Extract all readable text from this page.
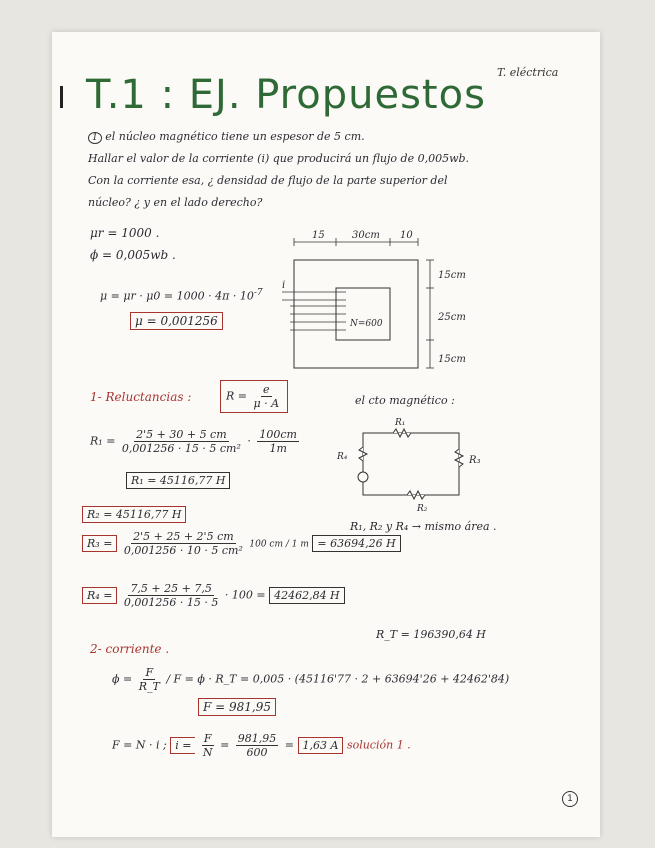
T.1 : EJ. Propuestos T. eléctrica
1 el núcleo magnético tiene un espesor de 5 cm.
Hallar el valor de la corriente (i) que producirá un flujo de 0,005wb.
Con la corriente esa, ¿ densidad de flujo de la parte superior del
núcleo? ¿ y en el lado derecho?
μr = 1000 .
ϕ = 0,005wb .
$\mu = \mu r \cdot \mu 0 = 1000 \cdot 4\pi \cdot 10^{-7}$
μ = 0,001256
15	30cm 10
15cm
25cm
15cm
i
N=600
1- Reluctancias :	$R = \frac{e}{\mu \cdot A}$	el cto magnético :
R₁
R₃
R₄
R₂
$R_1 = \frac{2'5 + 30 + 5 cm}{\text{0,001256 · 15 · 5 cm²}} \cdot \frac{100cm}{1m}$
R₁ = 45116,77 H
R₂ = 45116,77 H
R₁, R₂ y R₄ → mismo área .
$R_3 = \frac{2'5 + 25 + 2'5 cm}{\text{0,001256 · 10 · 5 cm²}} 100$ cm / 1 m = 63694,26 H
$R_4 = \frac{7,5 + 25 + 7,5}{0,001256 \cdot 15 \cdot 5} \cdot 100 = 42462,84$ H
2- corriente .
R_T = 196390,64 H
$\phi = \frac{F}{R\_T} / F = \phi$ · R_T = 0,005 · (45116'77 · 2 + 63694'26 + 42462'84)
F = 981,95
F = N · i ; $i = \frac{F}{N} = \frac{981,95}{600} = 1,63$ A solución 1 .
1
